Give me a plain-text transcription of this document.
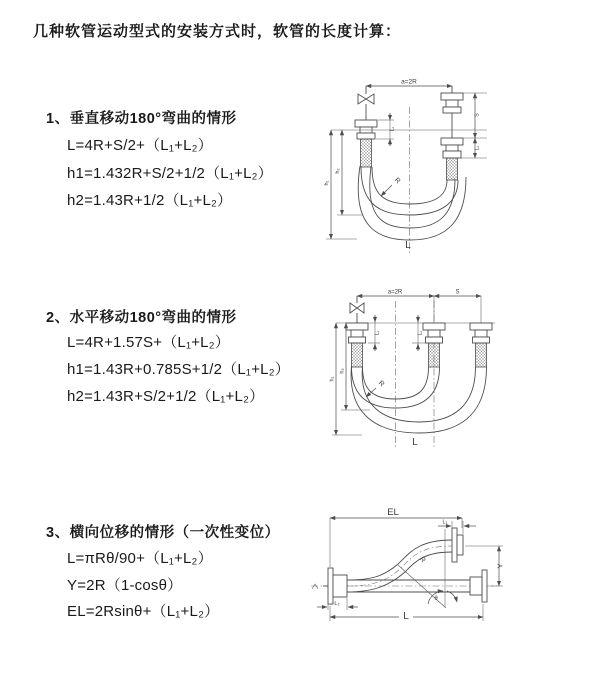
几种软管运动型式的安装方式时，软管的长度计算：
1、垂直移动180°弯曲的情形
L=4R+S/2+（L₁+L₂）
h1=1.432R+S/2+1/2（L₁+L₂）
h2=1.43R+1/2（L₁+L₂）
2、水平移动180°弯曲的情形
L=4R+1.57S+（L₁+L₂）
h1=1.43R+0.785S+1/2（L₁+L₂）
h2=1.43R+S/2+1/2（L₁+L₂）
3、横向位移的情形（一次性变位）
L=πRθ/90+（L₁+L₂）
Y=2R（1-cosθ）
EL=2Rsinθ+（L₁+L₂）
a=2R
S
L₂
L₁
h₁
h₂
R
L
a=2R	S
L₁	L₂
h₁
h₂
R
L
θ
R
EL
L₁
Y
L
L₂
